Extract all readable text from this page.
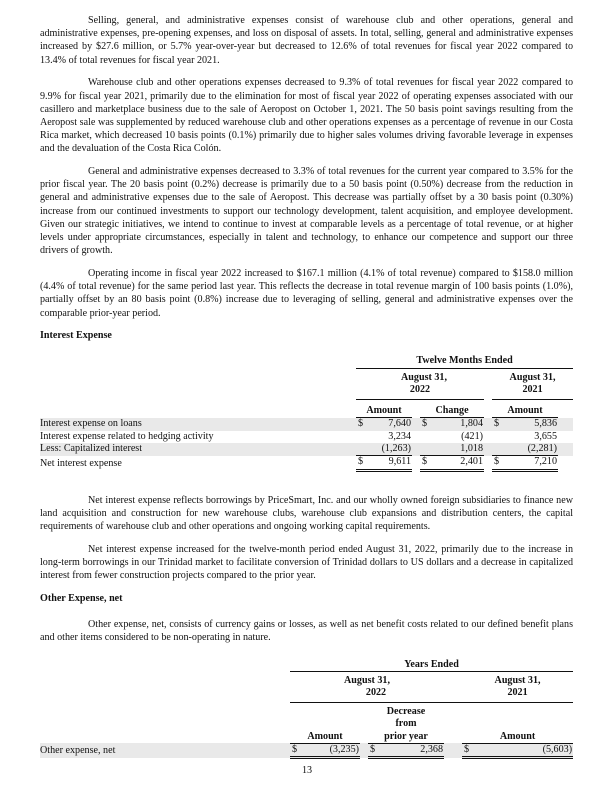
Selling, general, and administrative expenses consist of warehouse club and other operations, general and administrative expenses, pre-opening expenses, and loss on disposal of assets. In total, selling, general and administrative expenses increased by $27.6 million, or 5.7% year-over-year but decreased to 12.6% of total revenues for fiscal year 2022 compared to 13.4% of total revenues for fiscal year 2021.

Warehouse club and other operations expenses decreased to 9.3% of total revenues for fiscal year 2022 compared to 9.9% for fiscal year 2021, primarily due to the elimination for most of fiscal year 2022 of operating expenses associated with our casillero and marketplace business due to the sale of Aeropost on October 1, 2021. The 50 basis point savings resulting from the Aeropost sale was supplemented by reduced warehouse club and other operations expenses as a percentage of revenue in our Costa Rica market, which decreased 10 basis points (0.1%) primarily due to higher sales volumes driving favorable leverage in expenses and the devaluation of the Costa Rica Colón.

General and administrative expenses decreased to 3.3% of total revenues for the current year compared to 3.5% for the prior fiscal year. The 20 basis point (0.2%) decrease is primarily due to a 50 basis point (0.50%) decrease from the reduction in general and administrative expenses due to the sale of Aeropost. This decrease was partially offset by a 30 basis point (0.30%) increase from our continued investments to support our technology development, talent acquisition, and employee development. Given our strategic initiatives, we intend to continue to invest at comparable levels as a percentage of total revenue, or at higher levels under appropriate circumstances, especially in talent and technology, to enhance our competence and support our three drivers of growth.

Operating income in fiscal year 2022 increased to $167.1 million (4.1% of total revenue) compared to $158.0 million (4.4% of total revenue) for the same period last year. This reflects the decrease in total revenue margin of 100 basis points (1.0%), partially offset by an 80 basis point (0.8%) increase due to leveraging of selling, general and administrative expenses over the comparable prior-year period.

Interest Expense
	Twelve Months Ended								
	August 31,						August 31,		
	2022						2021		
	Amount			Change			Amount		
Interest expense on loans	$	7,640		$	1,804		$	5,836	
Interest expense related to hedging activity		3,234			(421)			3,655	
Less: Capitalized interest		(1,263)			1,018			(2,281)	
Net interest expense	$	9,611		$	2,401		$	7,210	

Net interest expense reflects borrowings by PriceSmart, Inc. and our wholly owned foreign subsidiaries to finance new land acquisition and construction for new warehouse clubs, warehouse club expansions and distribution centers, the capital requirements of warehouse club and other operations and ongoing working capital requirements.

Net interest expense increased for the twelve-month period ended August 31, 2022, primarily due to the increase in long-term borrowings in our Trinidad market to facilitate conversion of Trinidad dollars to US dollars and a decrease in capitalized interest from fewer construction projects compared to the prior year.

Other Expense, net

Other expense, net, consists of currency gains or losses, as well as net benefit costs related to our defined benefit plans and other items considered to be non-operating in nature.

	Years Ended							
	August 31,						August 31,	
	2022						2021	
	Amount			Decrease
from
prior year			Amount	
Other expense, net	$	(3,235)		$	2,368		$	(5,603)
13
